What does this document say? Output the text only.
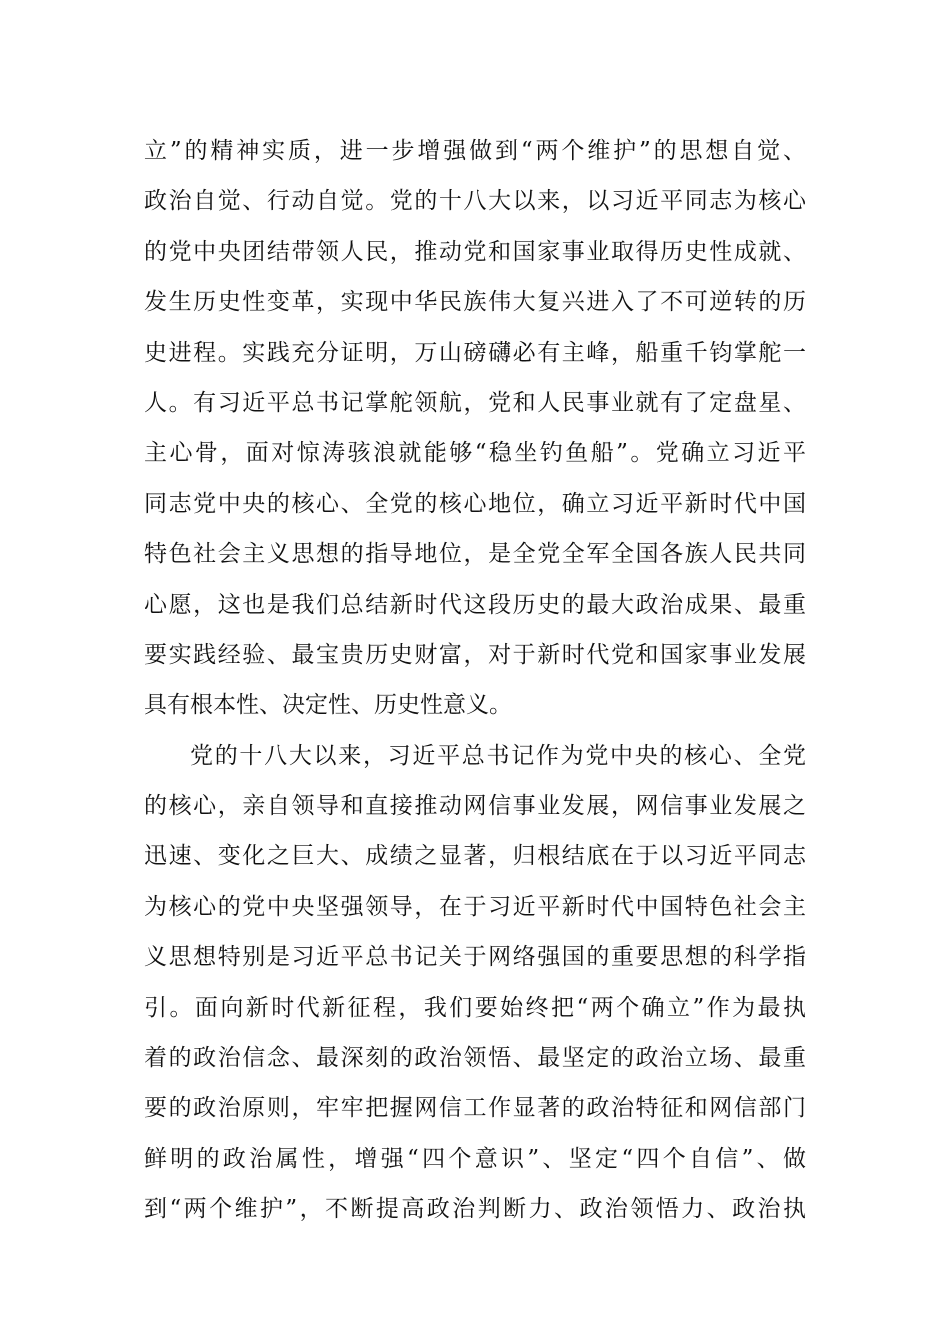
立”的精神实质，进一步增强做到“两个维护”的思想自觉、
政治自觉、行动自觉。党的十八大以来，以习近平同志为核心
的党中央团结带领人民，推动党和国家事业取得历史性成就、
发生历史性变革，实现中华民族伟大复兴进入了不可逆转的历
史进程。实践充分证明，万山磅礴必有主峰，船重千钧掌舵一
人。有习近平总书记掌舵领航，党和人民事业就有了定盘星、
主心骨，面对惊涛骇浪就能够“稳坐钓鱼船”。党确立习近平
同志党中央的核心、全党的核心地位，确立习近平新时代中国
特色社会主义思想的指导地位，是全党全军全国各族人民共同
心愿，这也是我们总结新时代这段历史的最大政治成果、最重
要实践经验、最宝贵历史财富，对于新时代党和国家事业发展
具有根本性、决定性、历史性意义。
党的十八大以来，习近平总书记作为党中央的核心、全党
的核心，亲自领导和直接推动网信事业发展，网信事业发展之
迅速、变化之巨大、成绩之显著，归根结底在于以习近平同志
为核心的党中央坚强领导，在于习近平新时代中国特色社会主
义思想特别是习近平总书记关于网络强国的重要思想的科学指
引。面向新时代新征程，我们要始终把“两个确立”作为最执
着的政治信念、最深刻的政治领悟、最坚定的政治立场、最重
要的政治原则，牢牢把握网信工作显著的政治特征和网信部门
鲜明的政治属性，增强“四个意识”、坚定“四个自信”、做
到“两个维护”，不断提高政治判断力、政治领悟力、政治执
